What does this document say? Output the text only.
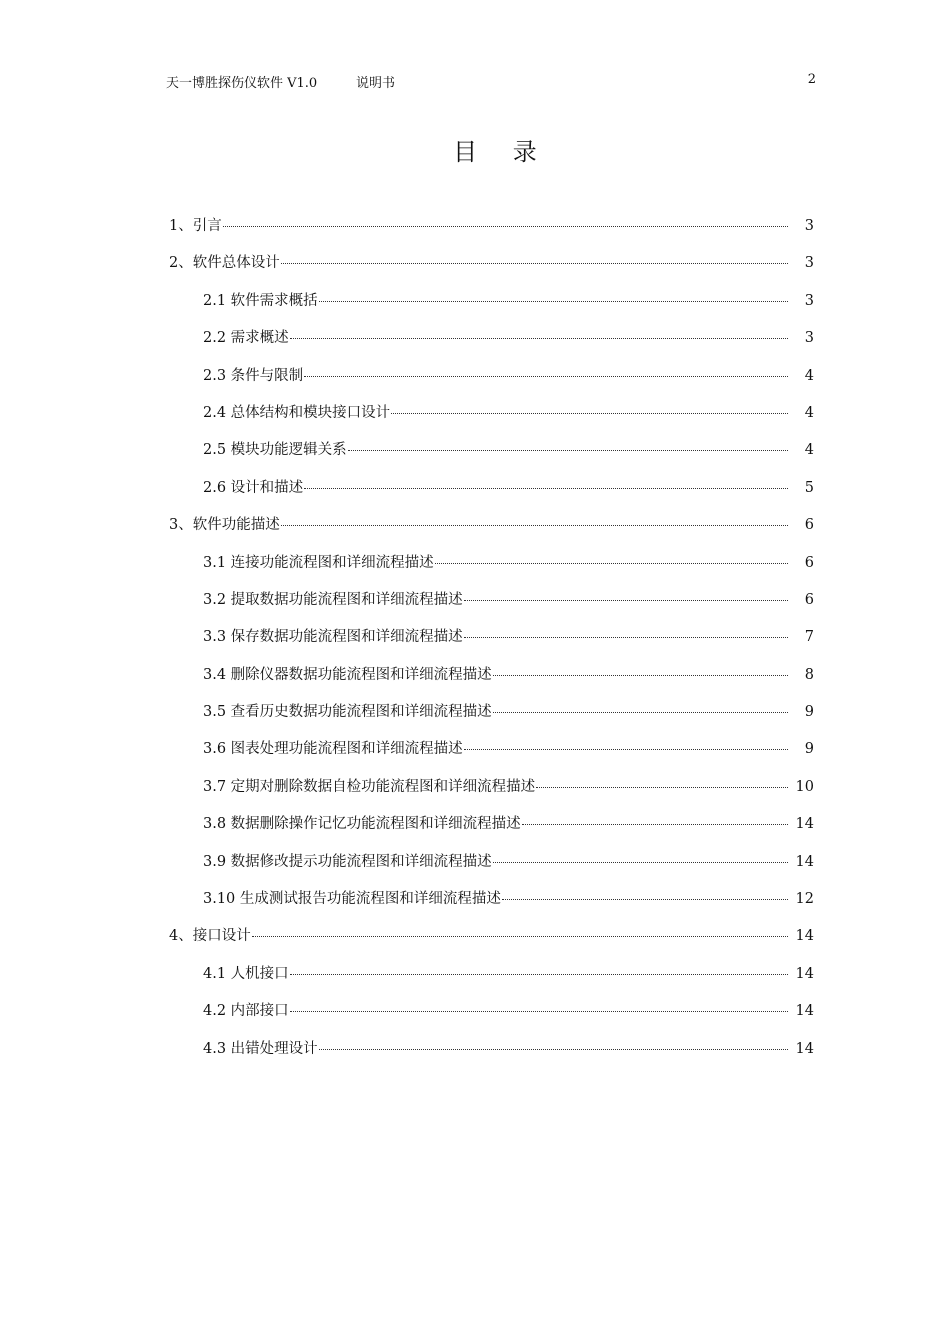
天一博胜探伤仪软件 V1.0	说明书	2
目 录
1、引言	3
2、软件总体设计	3
2.1 软件需求概括	3
2.2 需求概述	3
2.3 条件与限制	4
2.4 总体结构和模块接口设计	4
2.5 模块功能逻辑关系	4
2.6 设计和描述	5
3、软件功能描述	6
3.1 连接功能流程图和详细流程描述	6
3.2 提取数据功能流程图和详细流程描述	6
3.3 保存数据功能流程图和详细流程描述	7
3.4 删除仪器数据功能流程图和详细流程描述	8
3.5 查看历史数据功能流程图和详细流程描述	9
3.6 图表处理功能流程图和详细流程描述	9
3.7 定期对删除数据自检功能流程图和详细流程描述	10
3.8 数据删除操作记忆功能流程图和详细流程描述	14
3.9 数据修改提示功能流程图和详细流程描述	14
3.10 生成测试报告功能流程图和详细流程描述	12
4、接口设计	14
4.1 人机接口	14
4.2 内部接口	14
4.3 出错处理设计	14
